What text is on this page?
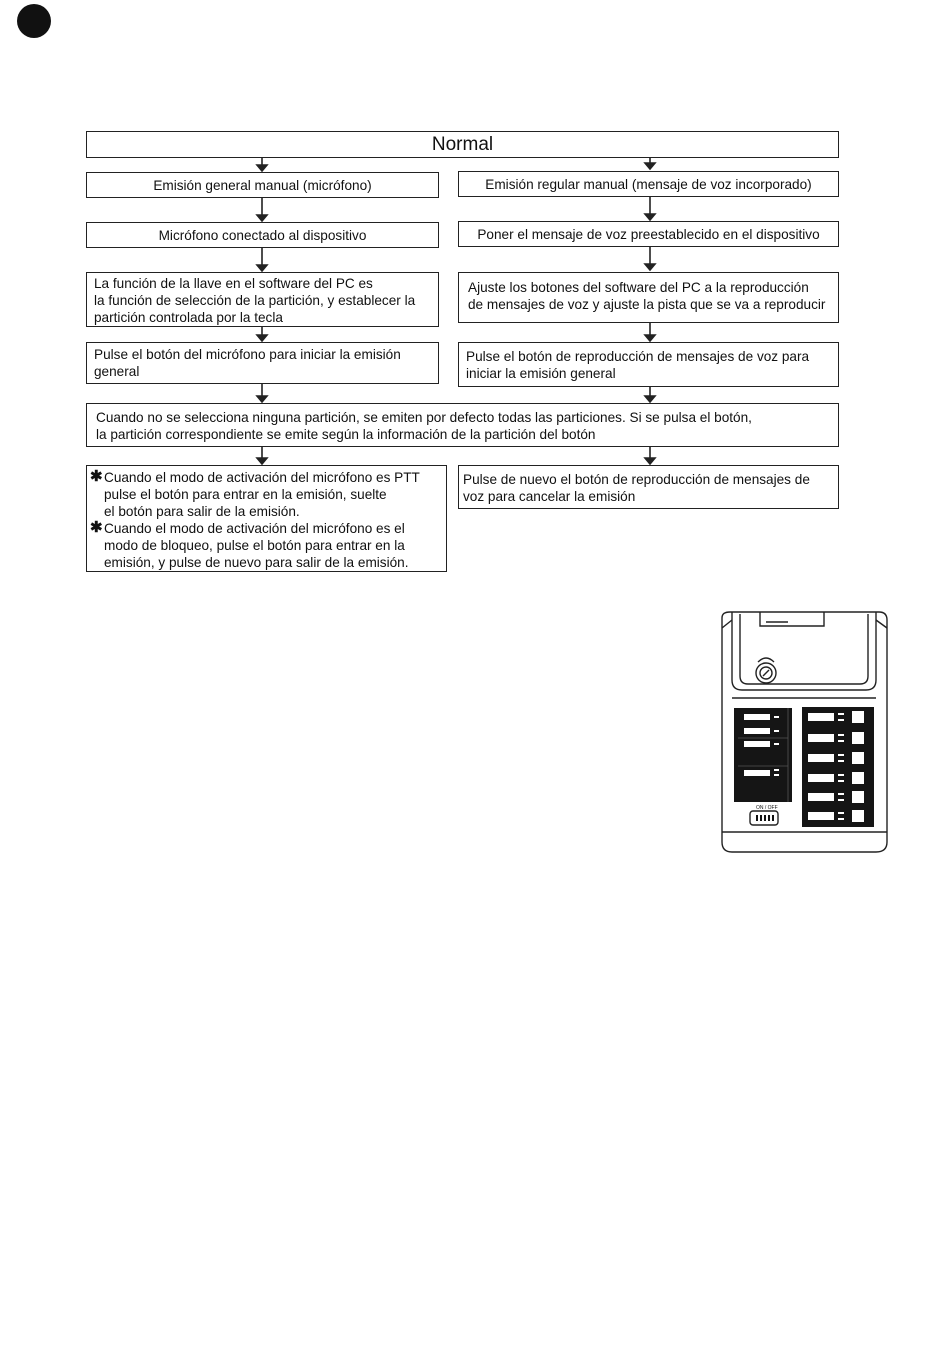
Normal
Emisión general manual (micrófono)
Micrófono conectado al dispositivo
La función de la llave en el software del PC es
la función de selección de la partición, y establecer la
partición controlada por la tecla
Pulse el botón del micrófono para iniciar la emisión
general
✱ Cuando el modo de activación del micrófono es PTT
pulse el botón para entrar en la emisión, suelte
el botón para salir de la emisión.
✱ Cuando el modo de activación del micrófono es el
modo de bloqueo, pulse el botón para entrar en la
emisión, y pulse de nuevo para salir de la emisión.
Emisión regular manual (mensaje de voz incorporado)
Poner el mensaje de voz preestablecido en el dispositivo
Ajuste los botones del software del PC a la reproducción
de mensajes de voz y ajuste la pista que se va a reproducir
Pulse el botón de reproducción de mensajes de voz para
iniciar la emisión general
Pulse de nuevo el botón de reproducción de mensajes de
voz para cancelar la emisión
Cuando no se selecciona ninguna partición, se emiten por defecto todas las particiones. Si se pulsa el botón,
la partición correspondiente se emite según la información de la partición del botón
ON / OFF
